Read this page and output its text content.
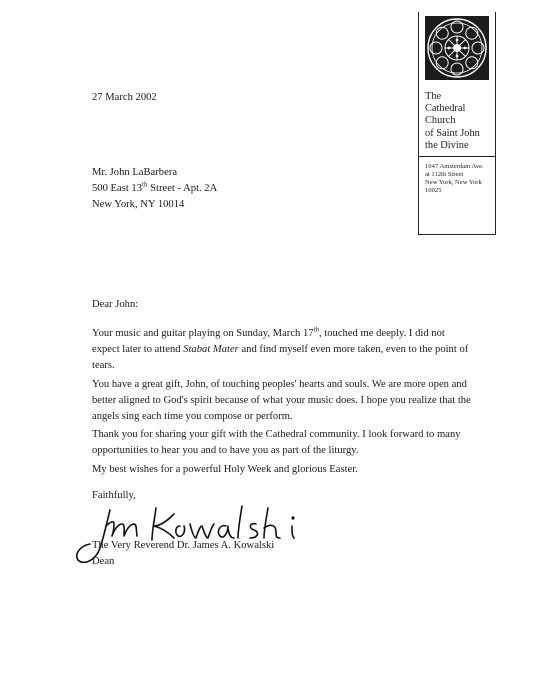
The
Cathedral
Church
of Saint John
the Divine
1047 Amsterdam Ave.
at 112th Street
New York, New York
10025
27 March 2002
Mr. John LaBarbera
500 East 13th Street - Apt. 2A
New York, NY 10014
Dear John:
Your music and guitar playing on Sunday, March 17th, touched me deeply. I did not
expect later to attend Stabat Mater and find myself even more taken, even to the point of
tears.
You have a great gift, John, of touching peoples' hearts and souls. We are more open and
better aligned to God's spirit because of what your music does. I hope you realize that the
angels sing each time you compose or perform.
Thank you for sharing your gift with the Cathedral community. I look forward to many
opportunities to hear you and to have you as part of the liturgy.
My best wishes for a powerful Holy Week and glorious Easter.
Faithfully,
The Very Reverend Dr. James A. Kowalski
Dean
